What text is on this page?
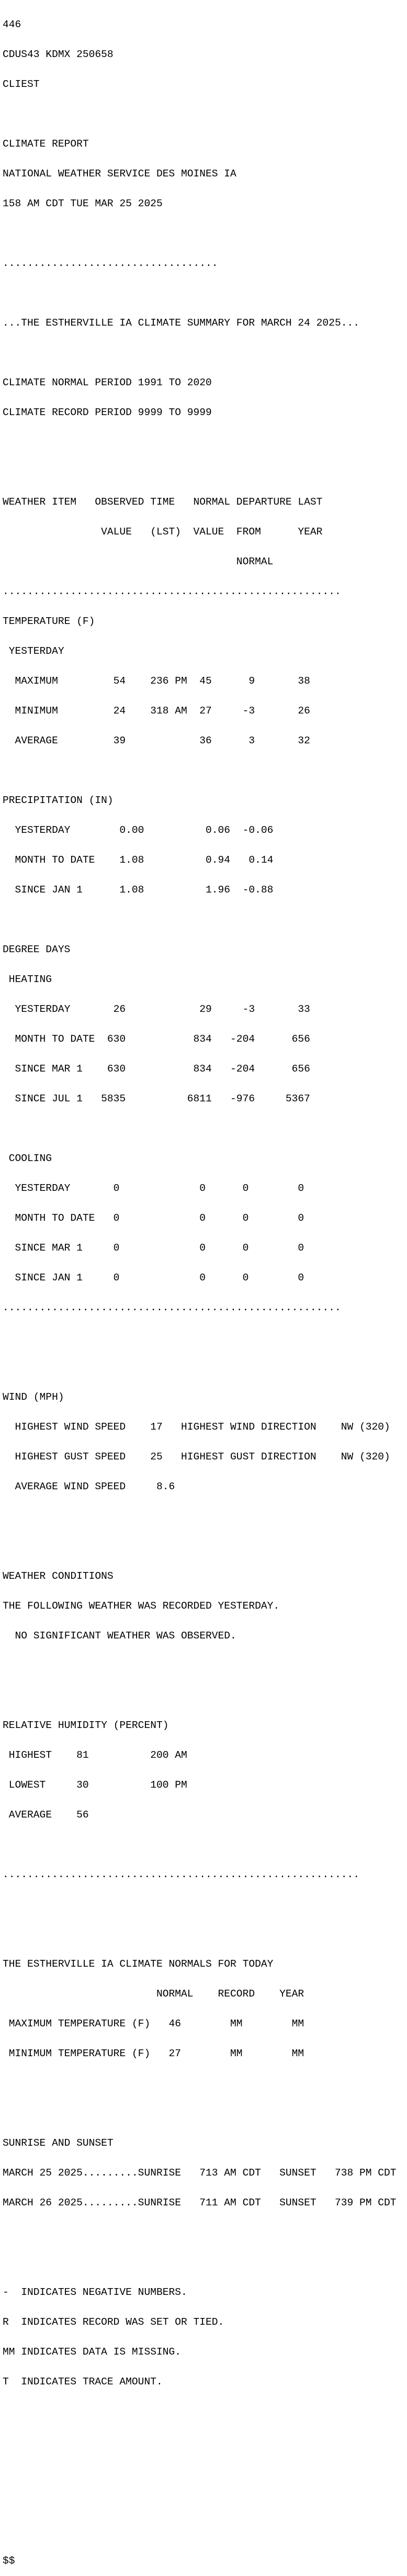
446

CDUS43 KDMX 250658

CLIEST

CLIMATE REPORT

NATIONAL WEATHER SERVICE DES MOINES IA

158 AM CDT TUE MAR 25 2025

...................................

...THE ESTHERVILLE IA CLIMATE SUMMARY FOR MARCH 24 2025...

CLIMATE NORMAL PERIOD 1991 TO 2020

CLIMATE RECORD PERIOD 9999 TO 9999

WEATHER ITEM   OBSERVED TIME   NORMAL DEPARTURE LAST

VALUE   (LST)  VALUE  FROM      YEAR

NORMAL

.......................................................

TEMPERATURE (F)

YESTERDAY

MAXIMUM         54    236 PM  45      9       38

MINIMUM         24    318 AM  27     -3       26

AVERAGE         39            36      3       32

PRECIPITATION (IN)

YESTERDAY        0.00          0.06  -0.06

MONTH TO DATE    1.08          0.94   0.14

SINCE JAN 1      1.08          1.96  -0.88

DEGREE DAYS

HEATING

YESTERDAY       26            29     -3       33

MONTH TO DATE  630           834   -204      656

SINCE MAR 1    630           834   -204      656

SINCE JUL 1   5835          6811   -976     5367

COOLING

YESTERDAY       0             0      0        0

MONTH TO DATE   0             0      0        0

SINCE MAR 1     0             0      0        0

SINCE JAN 1     0             0      0        0

.......................................................

WIND (MPH)

HIGHEST WIND SPEED    17   HIGHEST WIND DIRECTION    NW (320)

HIGHEST GUST SPEED    25   HIGHEST GUST DIRECTION    NW (320)

AVERAGE WIND SPEED     8.6

WEATHER CONDITIONS

THE FOLLOWING WEATHER WAS RECORDED YESTERDAY.

NO SIGNIFICANT WEATHER WAS OBSERVED.

RELATIVE HUMIDITY (PERCENT)

HIGHEST    81          200 AM

LOWEST     30          100 PM

AVERAGE    56

..........................................................

THE ESTHERVILLE IA CLIMATE NORMALS FOR TODAY

NORMAL    RECORD    YEAR

MAXIMUM TEMPERATURE (F)   46        MM        MM

MINIMUM TEMPERATURE (F)   27        MM        MM

SUNRISE AND SUNSET

MARCH 25 2025.........SUNRISE   713 AM CDT   SUNSET   738 PM CDT

MARCH 26 2025.........SUNRISE   711 AM CDT   SUNSET   739 PM CDT

-  INDICATES NEGATIVE NUMBERS.

R  INDICATES RECORD WAS SET OR TIED.

MM INDICATES DATA IS MISSING.

T  INDICATES TRACE AMOUNT.

$$
